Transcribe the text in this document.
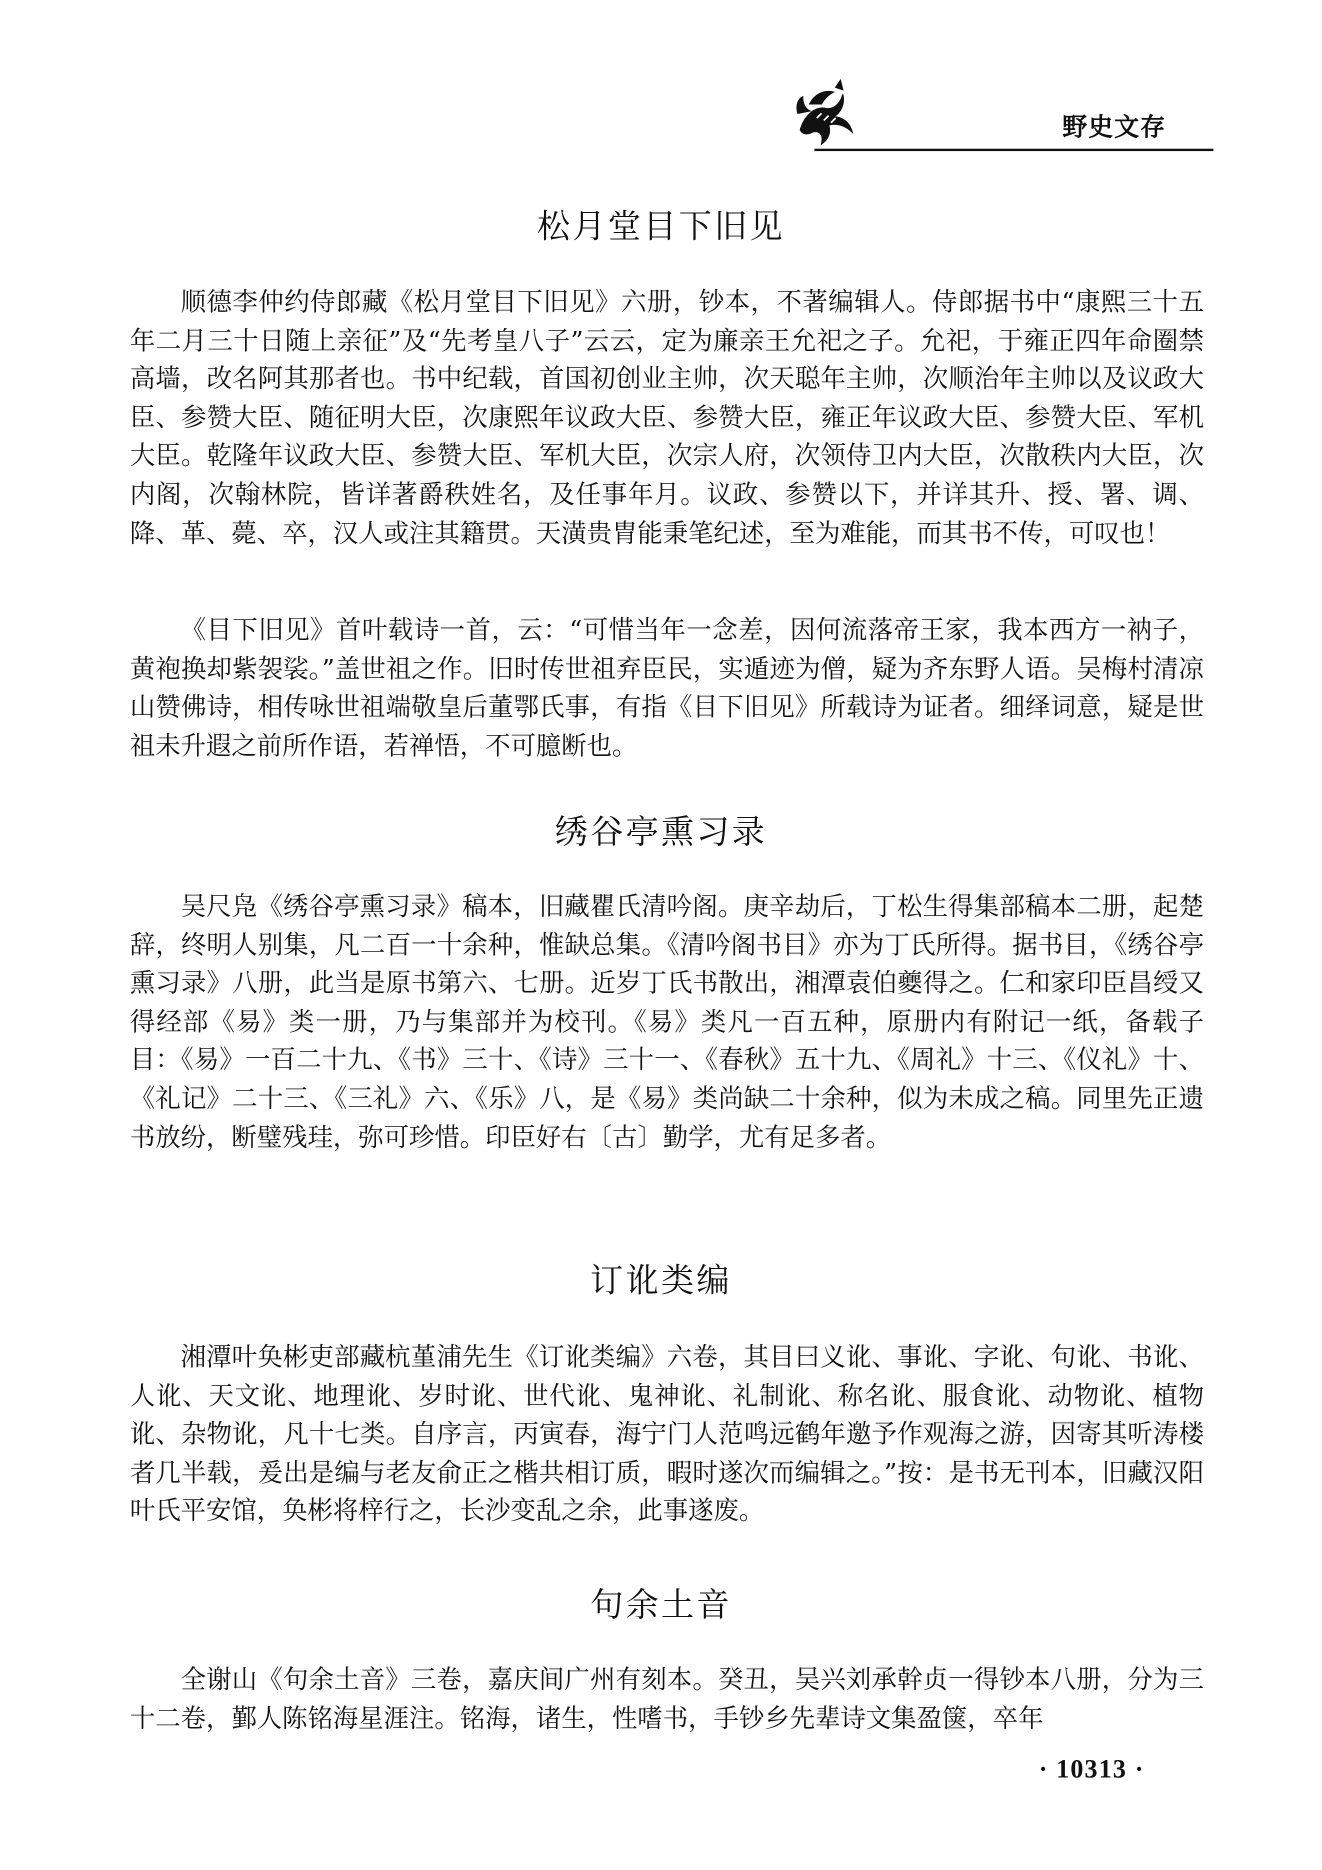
野史文存
松月堂目下旧见

顺德李仲约侍郎藏《松月堂目下旧见》六册，钞本，不著编辑人。侍郎据书中“康熙三十五年二月三十日随上亲征”及“先考皇八子”云云，定为廉亲王允祀之子。允祀，于雍正四年命圈禁高墙，改名阿其那者也。书中纪载，首国初创业主帅，次天聪年主帅，次顺治年主帅以及议政大臣、参赞大臣、随征明大臣，次康熙年议政大臣、参赞大臣，雍正年议政大臣、参赞大臣、军机大臣。乾隆年议政大臣、参赞大臣、军机大臣，次宗人府，次领侍卫内大臣，次散秩内大臣，次内阁，次翰林院，皆详著爵秩姓名，及任事年月。议政、参赞以下，并详其升、授、署、调、降、革、薨、卒，汉人或注其籍贯。天潢贵胄能秉笔纪述，至为难能，而其书不传，可叹也！

《目下旧见》首叶载诗一首，云：“可惜当年一念差，因何流落帝王家，我本西方一衲子，黄袍换却紫袈裟。”盖世祖之作。旧时传世祖弃臣民，实遁迹为僧，疑为齐东野人语。吴梅村清凉山赞佛诗，相传咏世祖端敬皇后董鄂氏事，有指《目下旧见》所载诗为证者。细绎词意，疑是世祖未升遐之前所作语，若禅悟，不可臆断也。

绣谷亭熏习录

吴尺凫《绣谷亭熏习录》稿本，旧藏瞿氏清吟阁。庚辛劫后，丁松生得集部稿本二册，起楚辞，终明人别集，凡二百一十余种，惟缺总集。《清吟阁书目》亦为丁氏所得。据书目，《绣谷亭熏习录》八册，此当是原书第六、七册。近岁丁氏书散出，湘潭袁伯夔得之。仁和家印臣昌绶又得经部《易》类一册，乃与集部并为校刊。《易》类凡一百五种，原册内有附记一纸，备载子目：《易》一百二十九、《书》三十、《诗》三十一、《春秋》五十九、《周礼》十三、《仪礼》十、《礼记》二十三、《三礼》六、《乐》八，是《易》类尚缺二十余种，似为未成之稿。同里先正遗书放纷，断璧残珪，弥可珍惜。印臣好右〔古〕勤学，尤有足多者。

订讹类编

湘潭叶奂彬吏部藏杭堇浦先生《订讹类编》六卷，其目曰义讹、事讹、字讹、句讹、书讹、人讹、天文讹、地理讹、岁时讹、世代讹、鬼神讹、礼制讹、称名讹、服食讹、动物讹、植物讹、杂物讹，凡十七类。自序言，丙寅春，海宁门人范鸣远鹤年邀予作观海之游，因寄其听涛楼者几半载，爰出是编与老友俞正之楷共相订质，暇时遂次而编辑之。”按：是书无刊本，旧藏汉阳叶氏平安馆，奂彬将梓行之，长沙变乱之余，此事遂废。

句余土音

全谢山《句余土音》三卷，嘉庆间广州有刻本。癸丑，吴兴刘承幹贞一得钞本八册，分为三十二卷，鄞人陈铭海星涯注。铭海，诸生，性嗜书，手钞乡先辈诗文集盈箧，卒年

· 10313 ·
